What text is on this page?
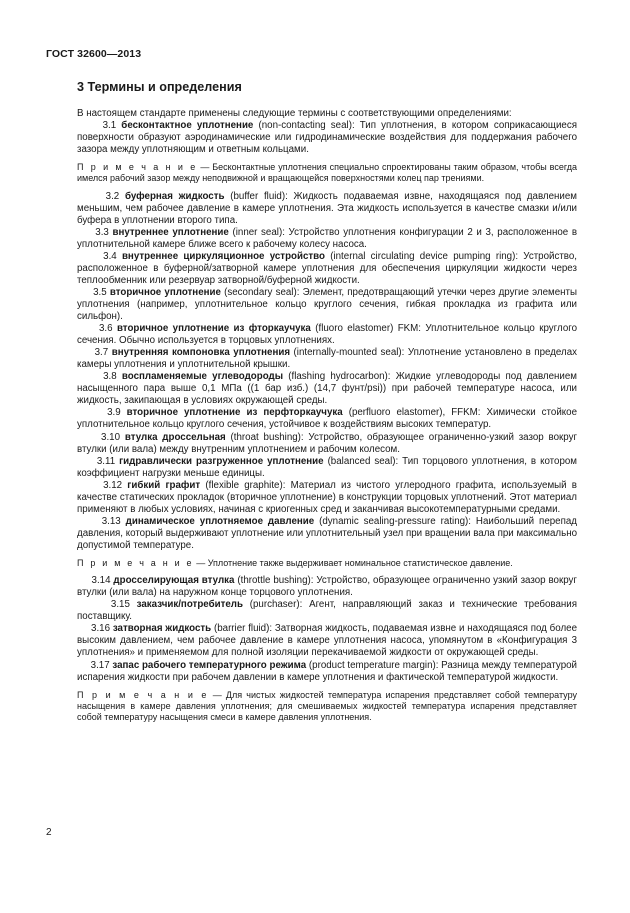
ГОСТ 32600—2013
3 Термины и определения

В настоящем стандарте применены следующие термины с соответствующими определениями:

3.1 бесконтактное уплотнение (non-contacting seal): Тип уплотнения, в котором соприкасающиеся поверхности образуют аэродинамические или гидродинамические воздействия для поддержания рабочего зазора между уплотняющим и ответным кольцами.

П р и м е ч а н и е — Бесконтактные уплотнения специально спроектированы таким образом, чтобы всегда имелся рабочий зазор между неподвижной и вращающейся поверхностями колец пар трениями.

3.2 буферная жидкость (buffer fluid): Жидкость подаваемая извне, находящаяся под давлением меньшим, чем рабочее давление в камере уплотнения. Эта жидкость используется в качестве смазки и/или буфера в уплотнении второго типа.

3.3 внутреннее уплотнение (inner seal): Устройство уплотнения конфигурации 2 и 3, расположенное в уплотнительной камере ближе всего к рабочему колесу насоса.

3.4 внутреннее циркуляционное устройство (internal circulating device pumping ring): Устройство, расположенное в буферной/затворной камере уплотнения для обеспечения циркуляции жидкости через теплообменник или резервуар затворной/буферной жидкости.

3.5 вторичное уплотнение (secondary seal): Элемент, предотвращающий утечки через другие элементы уплотнения (например, уплотнительное кольцо круглого сечения, гибкая прокладка из графита или сильфон).

3.6 вторичное уплотнение из фторкаучука (fluoro elastomer) FKM: Уплотнительное кольцо круглого сечения. Обычно используется в торцовых уплотнениях.

3.7 внутренняя компоновка уплотнения (internally-mounted seal): Уплотнение установлено в пределах камеры уплотнения и уплотнительной крышки.

3.8 воспламеняемые углеводороды (flashing hydrocarbon): Жидкие углеводороды под давлением насыщенного пара выше 0,1 МПа ((1 бар изб.) (14,7 фунт/psi)) при рабочей температуре насоса, или жидкость, закипающая в условиях окружающей среды.

3.9 вторичное уплотнение из перфторкаучука (perfluoro elastomer), FFKM: Химически стойкое уплотнительное кольцо круглого сечения, устойчивое к воздействиям высоких температур.

3.10 втулка дроссельная (throat bushing): Устройство, образующее ограниченно-узкий зазор вокруг втулки (или вала) между внутренним уплотнением и рабочим колесом.

3.11 гидравлически разгруженное уплотнение (balanced seal): Тип торцового уплотнения, в котором коэффициент нагрузки меньше единицы.

3.12 гибкий графит (flexible graphite): Материал из чистого углеродного графита, используемый в качестве статических прокладок (вторичное уплотнение) в конструкции торцовых уплотнений. Этот материал применяют в любых условиях, начиная с криогенных сред и заканчивая высокотемпературными средами.

3.13 динамическое уплотняемое давление (dynamic sealing-pressure rating): Наибольший перепад давления, который выдерживают уплотнение или уплотнительный узел при вращении вала при максимально допустимой температуре.

П р и м е ч а н и е — Уплотнение также выдерживает номинальное статистическое давление.

3.14 дросселирующая втулка (throttle bushing): Устройство, образующее ограниченно узкий зазор вокруг втулки (или вала) на наружном конце торцового уплотнения.

3.15 заказчик/потребитель (purchaser): Агент, направляющий заказ и технические требования поставщику.

3.16 затворная жидкость (barrier fluid): Затворная жидкость, подаваемая извне и находящаяся под более высоким давлением, чем рабочее давление в камере уплотнения насоса, упомянутом в «Конфигурация 3 уплотнения» и применяемом для полной изоляции перекачиваемой жидкости от окружающей среды.

3.17 запас рабочего температурного режима (product temperature margin): Разница между температурой испарения жидкости при рабочем давлении в камере уплотнения и фактической температурой жидкости.

П р и м е ч а н и е — Для чистых жидкостей температура испарения представляет собой температуру насыщения в камере давления уплотнения; для смешиваемых жидкостей температура испарения представляет собой температуру насыщения смеси в камере давления уплотнения.

2
